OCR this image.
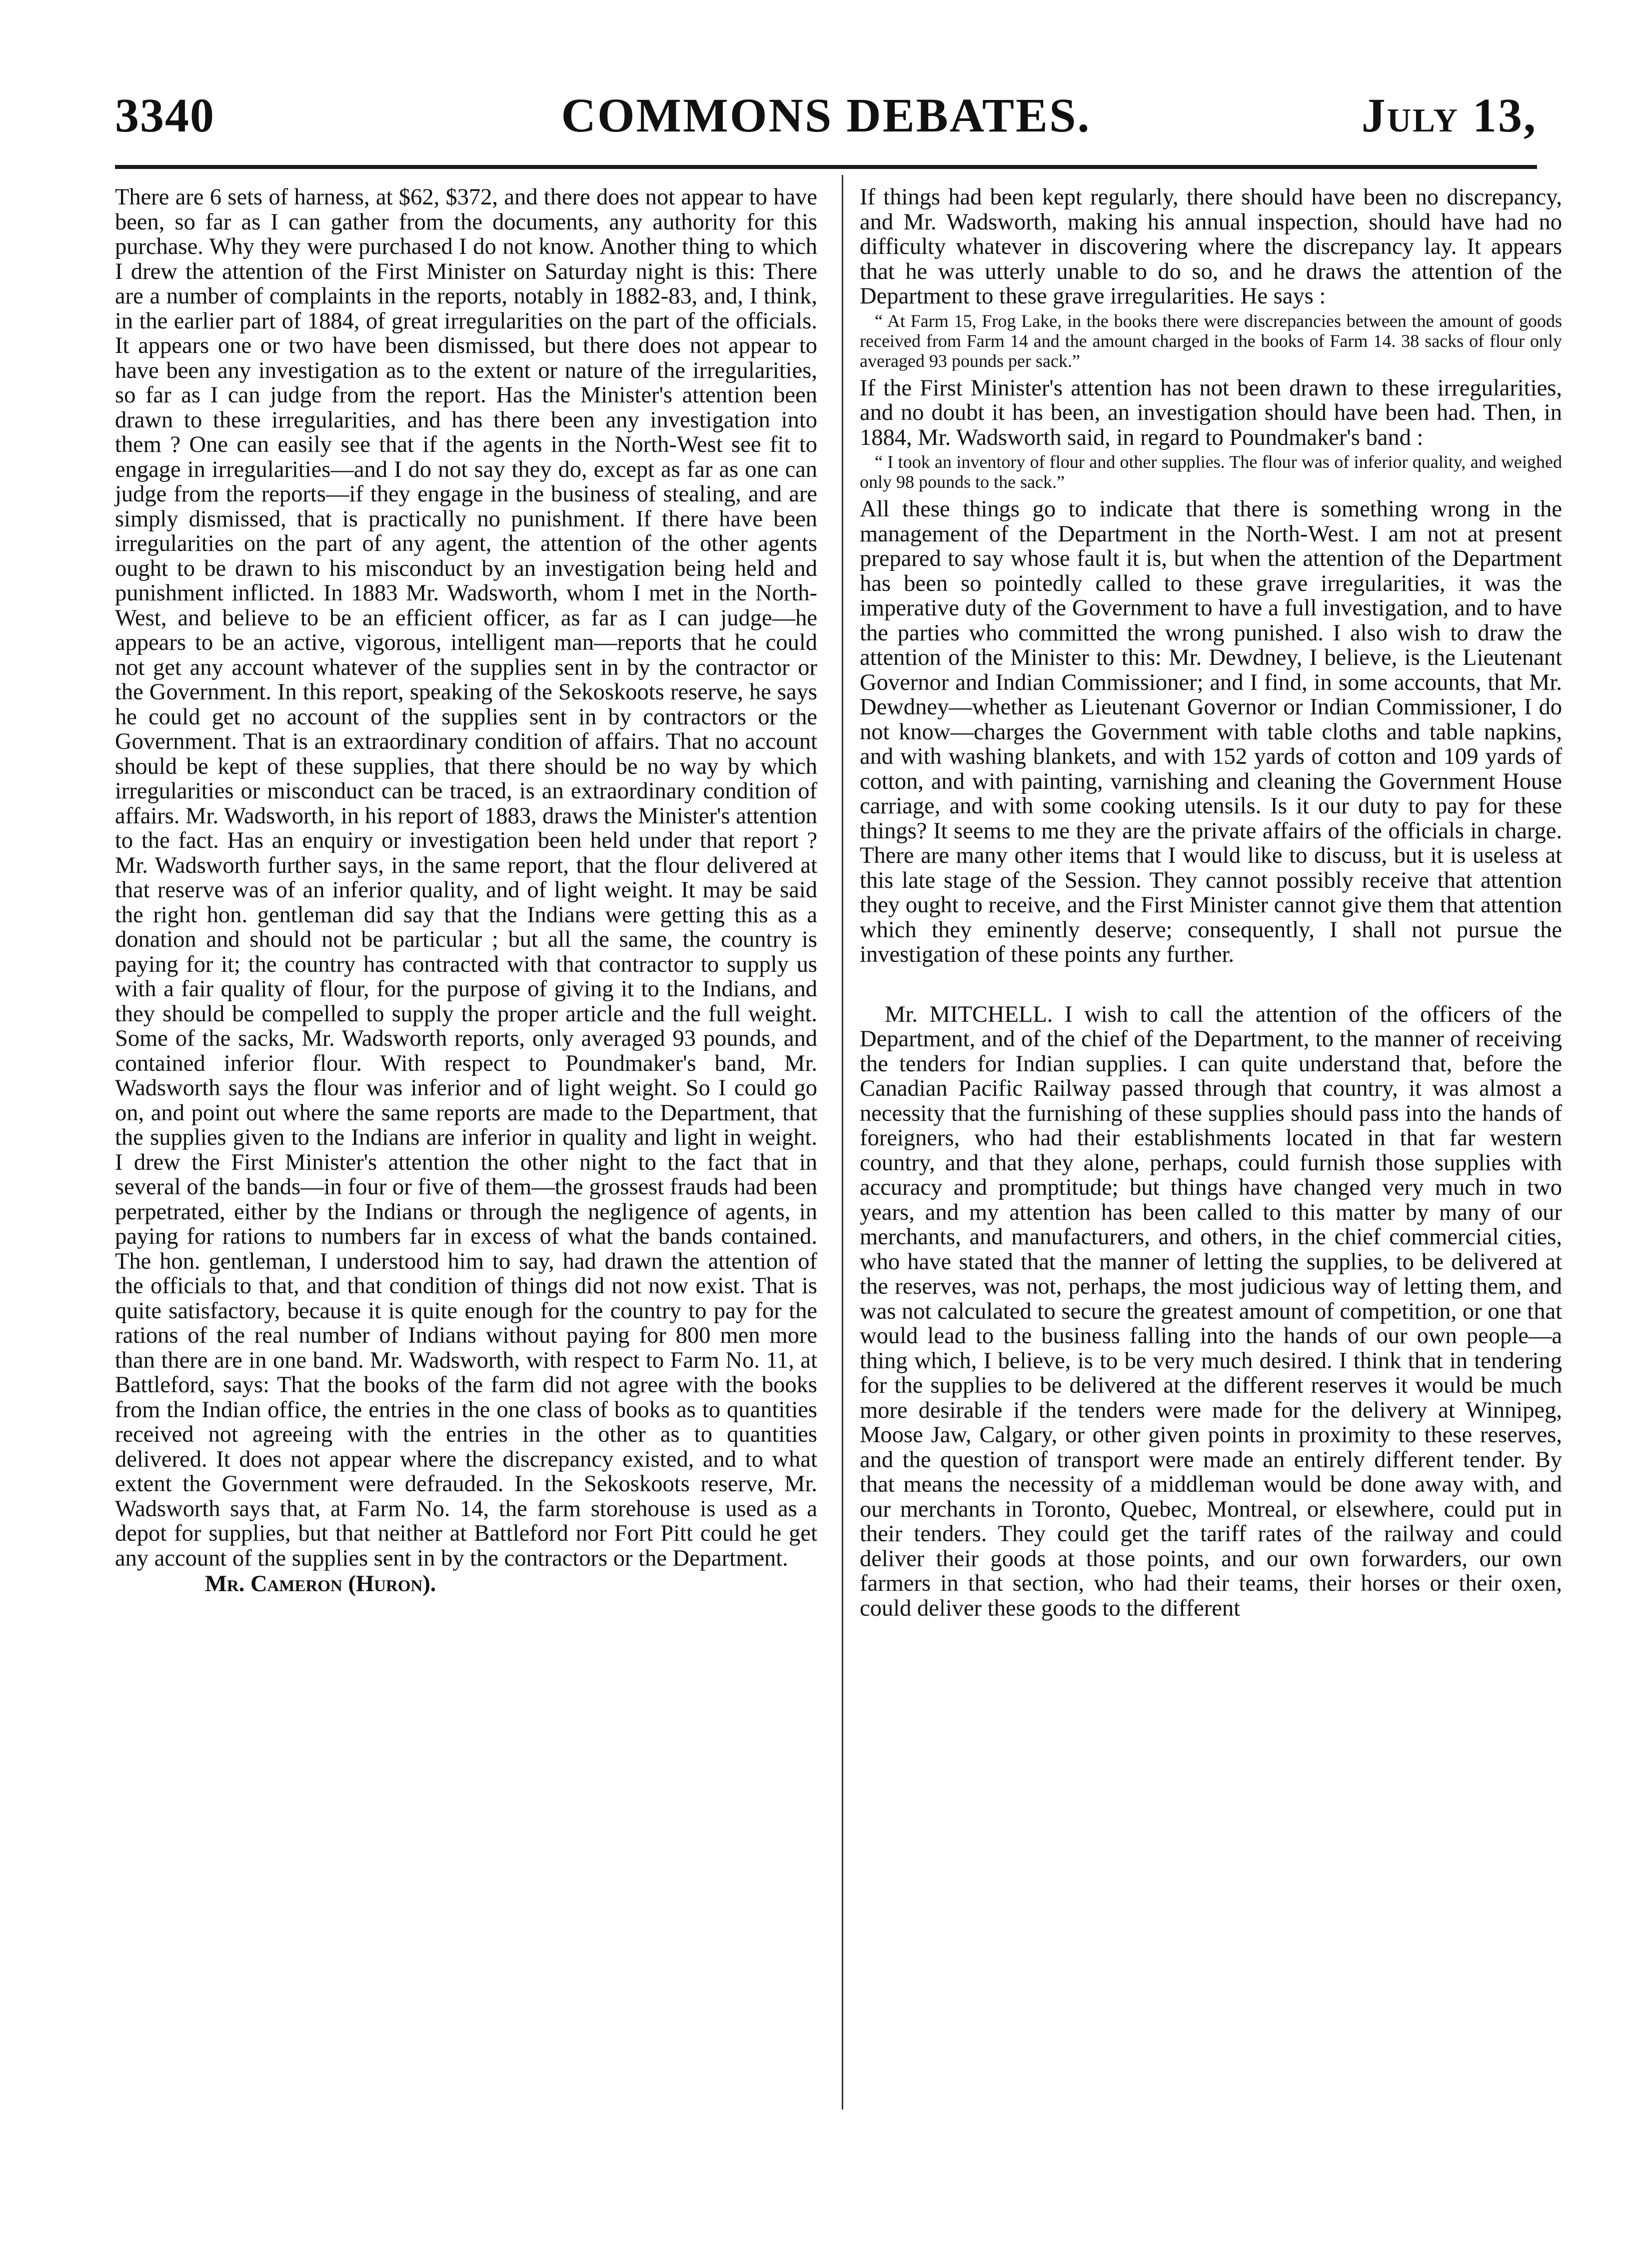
3340	COMMONS DEBATES.	July 13,

There are 6 sets of harness, at $62, $372, and there does not appear to have been, so far as I can gather from the documents, any authority for this purchase. Why they were purchased I do not know. Another thing to which I drew the attention of the First Minister on Saturday night is this: There are a number of complaints in the reports, notably in 1882-83, and, I think, in the earlier part of 1884, of great irregularities on the part of the officials. It appears one or two have been dismissed, but there does not appear to have been any investigation as to the extent or nature of the irregularities, so far as I can judge from the report. Has the Minister's attention been drawn to these irregularities, and has there been any investigation into them ? One can easily see that if the agents in the North-West see fit to engage in irregularities—and I do not say they do, except as far as one can judge from the reports—if they engage in the business of stealing, and are simply dismissed, that is practically no punishment. If there have been irregularities on the part of any agent, the attention of the other agents ought to be drawn to his misconduct by an investigation being held and punishment inflicted. In 1883 Mr. Wadsworth, whom I met in the North-West, and believe to be an efficient officer, as far as I can judge—he appears to be an active, vigorous, intelligent man—reports that he could not get any account whatever of the supplies sent in by the contractor or the Government. In this report, speaking of the Sekoskoots reserve, he says he could get no account of the supplies sent in by contractors or the Government. That is an extraordinary condition of affairs. That no account should be kept of these supplies, that there should be no way by which irregularities or misconduct can be traced, is an extraordinary condition of affairs. Mr. Wadsworth, in his report of 1883, draws the Minister's attention to the fact. Has an enquiry or investigation been held under that report ? Mr. Wadsworth further says, in the same report, that the flour delivered at that reserve was of an inferior quality, and of light weight. It may be said the right hon. gentleman did say that the Indians were getting this as a donation and should not be particular ; but all the same, the country is paying for it; the country has contracted with that contractor to supply us with a fair quality of flour, for the purpose of giving it to the Indians, and they should be compelled to supply the proper article and the full weight. Some of the sacks, Mr. Wadsworth reports, only averaged 93 pounds, and contained inferior flour. With respect to Poundmaker's band, Mr. Wadsworth says the flour was inferior and of light weight. So I could go on, and point out where the same reports are made to the Department, that the supplies given to the Indians are inferior in quality and light in weight. I drew the First Minister's attention the other night to the fact that in several of the bands—in four or five of them—the grossest frauds had been perpetrated, either by the Indians or through the negligence of agents, in paying for rations to numbers far in excess of what the bands contained. The hon. gentleman, I understood him to say, had drawn the attention of the officials to that, and that condition of things did not now exist. That is quite satisfactory, because it is quite enough for the country to pay for the rations of the real number of Indians without paying for 800 men more than there are in one band. Mr. Wadsworth, with respect to Farm No. 11, at Battleford, says: That the books of the farm did not agree with the books from the Indian office, the entries in the one class of books as to quantities received not agreeing with the entries in the other as to quantities delivered. It does not appear where the discrepancy existed, and to what extent the Government were defrauded. In the Sekoskoots reserve, Mr. Wadsworth says that, at Farm No. 14, the farm storehouse is used as a depot for supplies, but that neither at Battleford nor Fort Pitt could he get any account of the supplies sent in by the contractors or the Department.

Mr. Cameron (Huron).

If things had been kept regularly, there should have been no discrepancy, and Mr. Wadsworth, making his annual inspection, should have had no difficulty whatever in discovering where the discrepancy lay. It appears that he was utterly unable to do so, and he draws the attention of the Department to these grave irregularities. He says :

“ At Farm 15, Frog Lake, in the books there were discrepancies between the amount of goods received from Farm 14 and the amount charged in the books of Farm 14. 38 sacks of flour only averaged 93 pounds per sack.”

If the First Minister's attention has not been drawn to these irregularities, and no doubt it has been, an investigation should have been had. Then, in 1884, Mr. Wadsworth said, in regard to Poundmaker's band :

“ I took an inventory of flour and other supplies. The flour was of inferior quality, and weighed only 98 pounds to the sack.”

All these things go to indicate that there is something wrong in the management of the Department in the North-West. I am not at present prepared to say whose fault it is, but when the attention of the Department has been so pointedly called to these grave irregularities, it was the imperative duty of the Government to have a full investigation, and to have the parties who committed the wrong punished. I also wish to draw the attention of the Minister to this: Mr. Dewdney, I believe, is the Lieutenant Governor and Indian Commissioner; and I find, in some accounts, that Mr. Dewdney—whether as Lieutenant Governor or Indian Commissioner, I do not know—charges the Government with table cloths and table napkins, and with washing blankets, and with 152 yards of cotton and 109 yards of cotton, and with painting, varnishing and cleaning the Government House carriage, and with some cooking utensils. Is it our duty to pay for these things? It seems to me they are the private affairs of the officials in charge. There are many other items that I would like to discuss, but it is useless at this late stage of the Session. They cannot possibly receive that attention they ought to receive, and the First Minister cannot give them that attention which they eminently deserve; consequently, I shall not pursue the investigation of these points any further.

Mr. MITCHELL. I wish to call the attention of the officers of the Department, and of the chief of the Department, to the manner of receiving the tenders for Indian supplies. I can quite understand that, before the Canadian Pacific Railway passed through that country, it was almost a necessity that the furnishing of these supplies should pass into the hands of foreigners, who had their establishments located in that far western country, and that they alone, perhaps, could furnish those supplies with accuracy and promptitude; but things have changed very much in two years, and my attention has been called to this matter by many of our merchants, and manufacturers, and others, in the chief commercial cities, who have stated that the manner of letting the supplies, to be delivered at the reserves, was not, perhaps, the most judicious way of letting them, and was not calculated to secure the greatest amount of competition, or one that would lead to the business falling into the hands of our own people—a thing which, I believe, is to be very much desired. I think that in tendering for the supplies to be delivered at the different reserves it would be much more desirable if the tenders were made for the delivery at Winnipeg, Moose Jaw, Calgary, or other given points in proximity to these reserves, and the question of transport were made an entirely different tender. By that means the necessity of a middleman would be done away with, and our merchants in Toronto, Quebec, Montreal, or elsewhere, could put in their tenders. They could get the tariff rates of the railway and could deliver their goods at those points, and our own forwarders, our own farmers in that section, who had their teams, their horses or their oxen, could deliver these goods to the different
